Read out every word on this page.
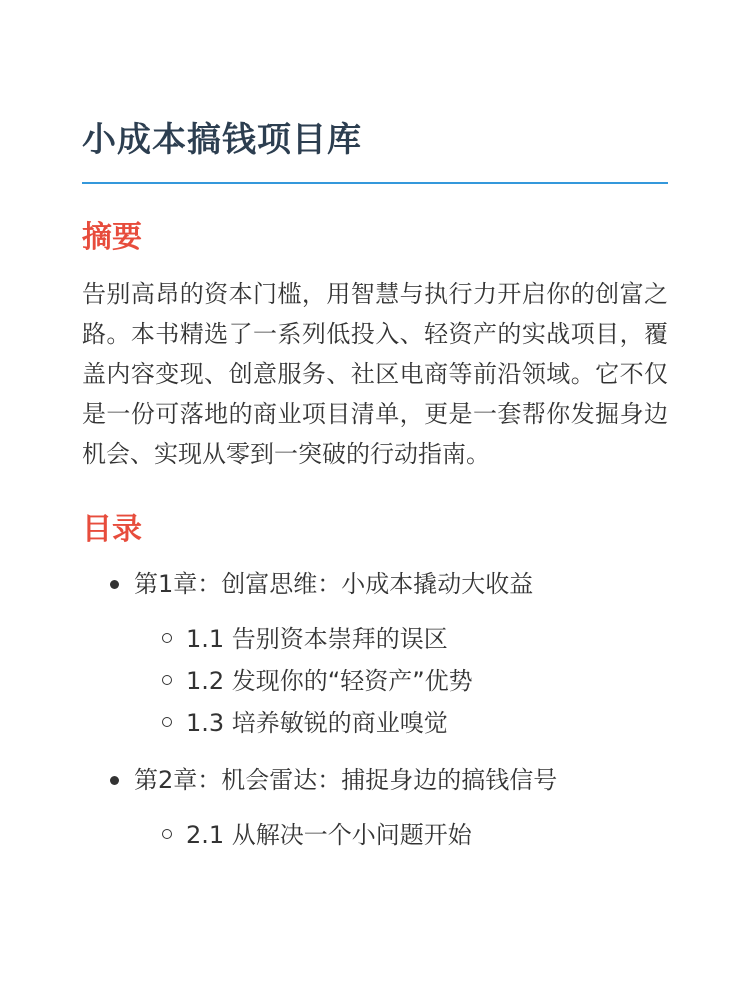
小成本搞钱项目库
摘要

告别高昂的资本门槛，用智慧与执行力开启你的创富之路。本书精选了一系列低投入、轻资产的实战项目，覆盖内容变现、创意服务、社区电商等前沿领域。它不仅是一份可落地的商业项目清单，更是一套帮你发掘身边机会、实现从零到一突破的行动指南。

目录
第1章：创富思维：小成本撬动大收益
1.1 告别资本崇拜的误区
1.2 发现你的“轻资产”优势
1.3 培养敏锐的商业嗅觉
第2章：机会雷达：捕捉身边的搞钱信号
2.1 从解决一个小问题开始
